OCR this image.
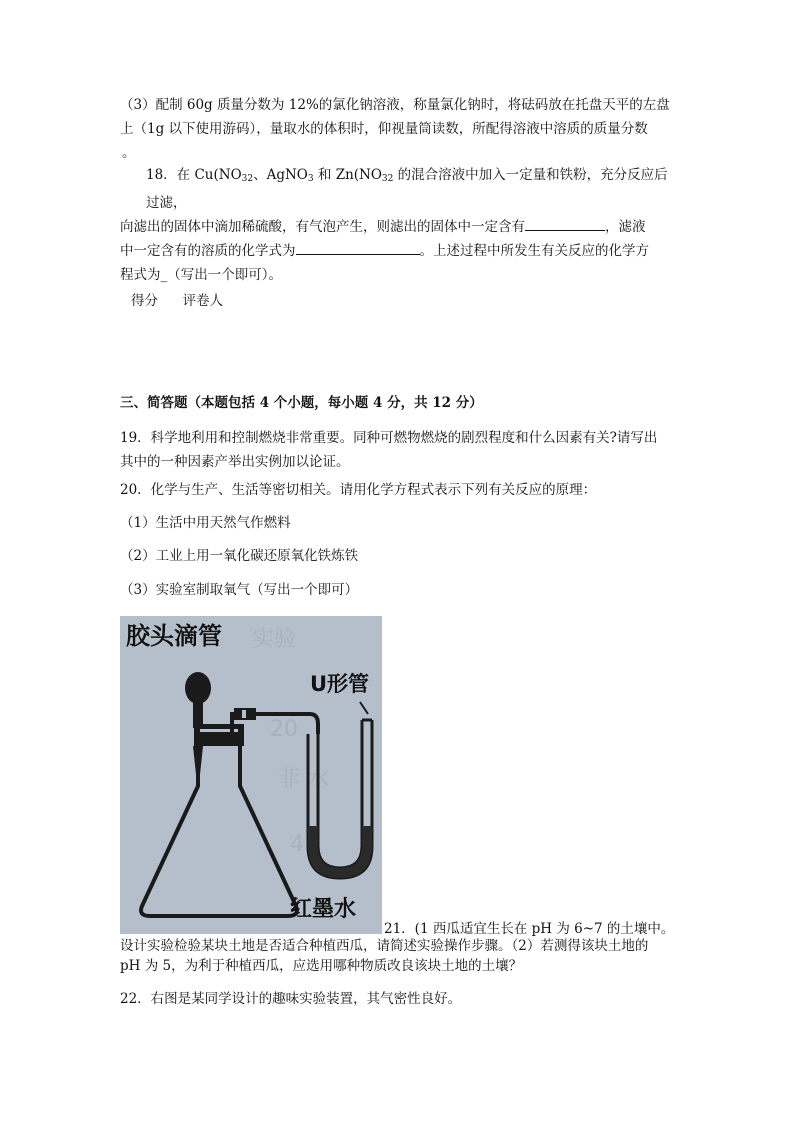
（3）配制 60g 质量分数为 12%的氯化钠溶液，称量氯化钠时，将砝码放在托盘天平的左盘
上（1g 以下使用游码），量取水的体积时，仰视量筒读数，所配得溶液中溶质的质量分数
。
18．在 $Cu(NO_{32}$、AgNO$_3$ 和 $Zn(NO_{32}$ 的混合溶液中加入一定量和铁粉，充分反应后过滤，
向滤出的固体中滴加稀硫酸，有气泡产生，则滤出的固体中一定含有	，滤液
中一定含有的溶质的化学式为	。上述过程中所发生有关反应的化学方
程式为_（写出一个即可）。
得分 评卷人
三、简答题（本题包括 4 个小题，每小题 4 分，共 12 分）
19．科学地利用和控制燃烧非常重要。同种可燃物燃烧的剧烈程度和什么因素有关?请写出
其中的一种因素产举出实例加以论证。
20．化学与生产、生活等密切相关。请用化学方程式表示下列有关反应的原理：
（1）生活中用天然气作燃料
（2）工业上用一氧化碳还原氧化铁炼铁
（3）实验室制取氧气（写出一个即可）
实验
20
菲 水
4
胶头滴管
U形管
红墨水
21．(1 西瓜适宜生长在 pH 为 6~7 的土壤中。
设计实验检验某块土地是否适合种植西瓜，请简述实验操作步骤。（2）若测得该块土地的
pH 为 5，为利于种植西瓜，应选用哪种物质改良该块土地的土壤？
22．右图是某同学设计的趣味实验装置，其气密性良好。
